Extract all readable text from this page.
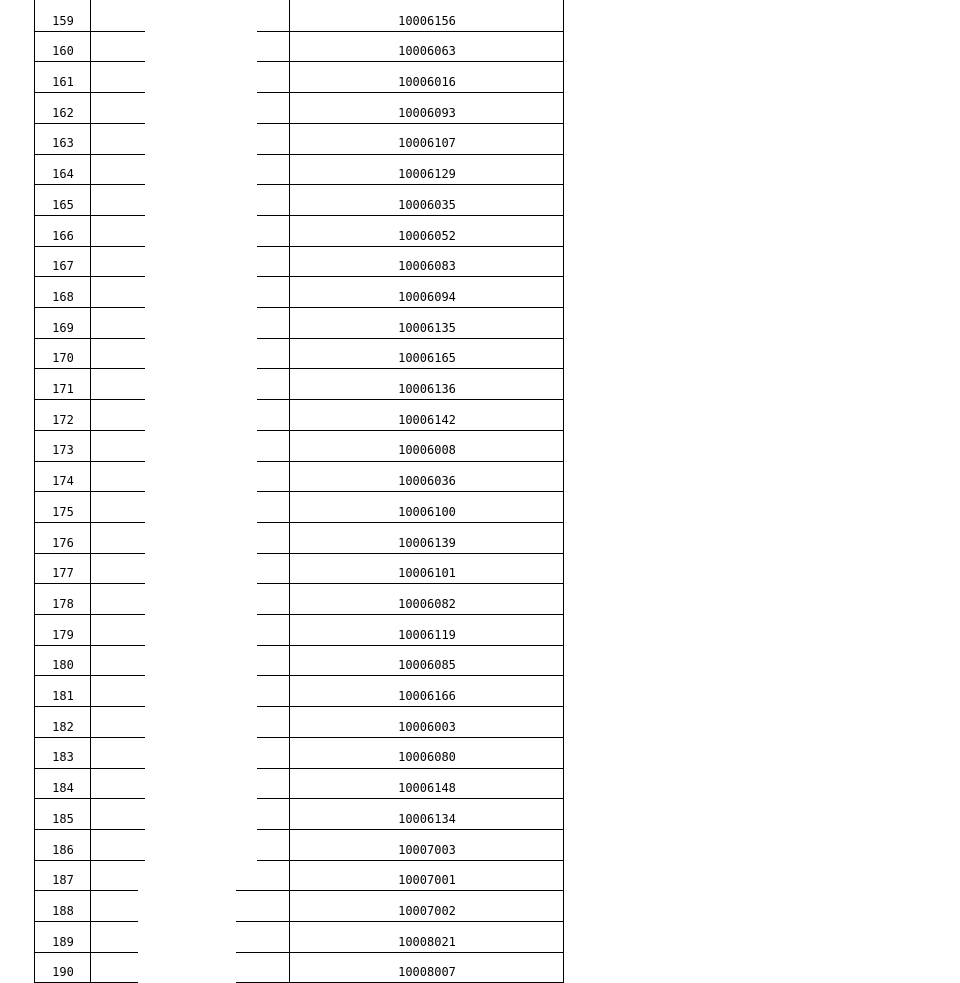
159	10006156
160	10006063
161	10006016
162	10006093
163	10006107
164	10006129
165	10006035
166	10006052
167	10006083
168	10006094
169	10006135
170	10006165
171	10006136
172	10006142
173	10006008
174	10006036
175	10006100
176	10006139
177	10006101
178	10006082
179	10006119
180	10006085
181	10006166
182	10006003
183	10006080
184	10006148
185	10006134
186	10007003
187	10007001
188	10007002
189	10008021
190	10008007
